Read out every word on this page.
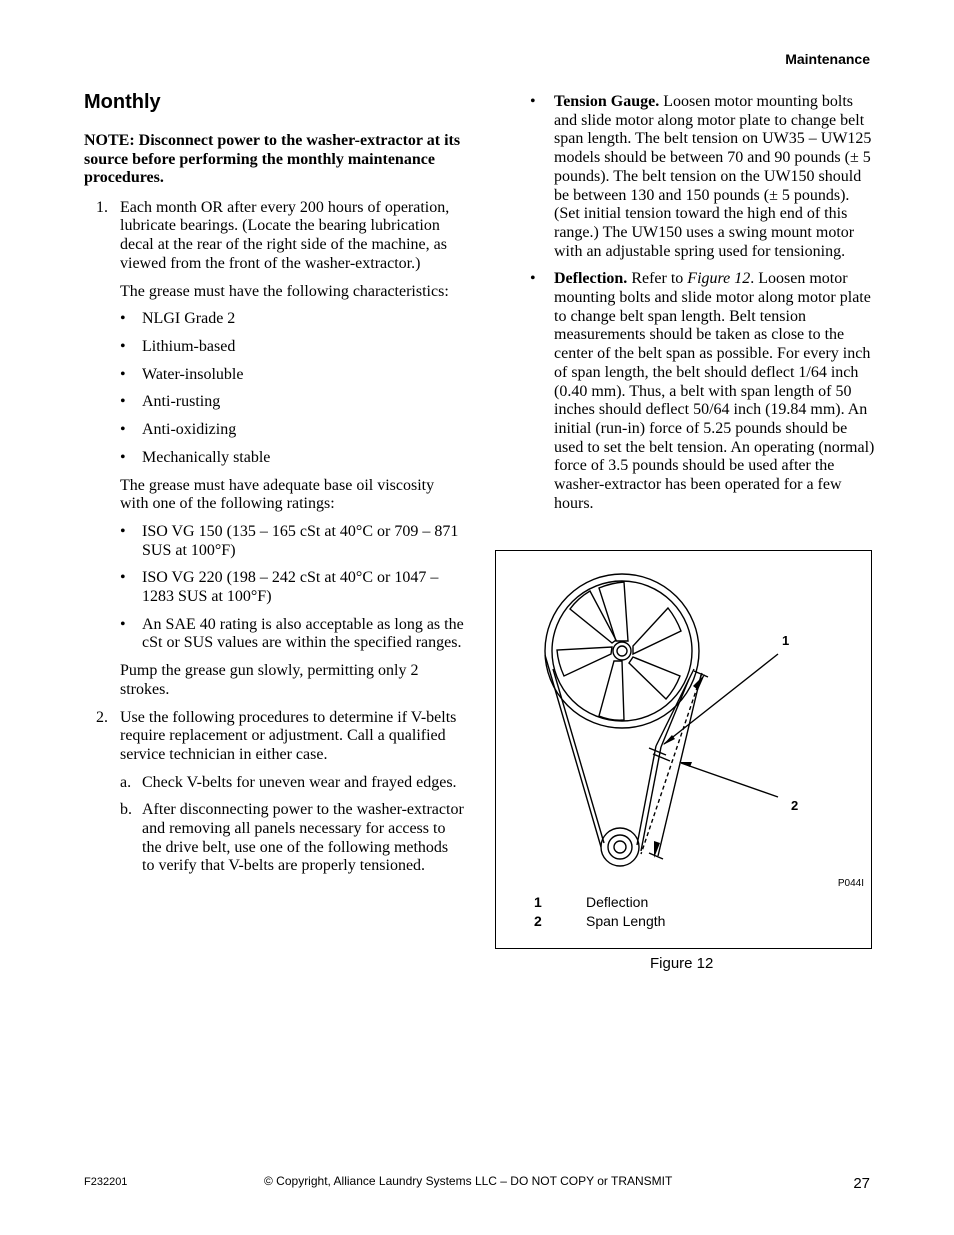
Maintenance
Monthly

NOTE: Disconnect power to the washer-extractor at its source before performing the monthly maintenance procedures.

1. Each month OR after every 200 hours of operation, lubricate bearings. (Locate the bearing lubrication decal at the rear of the right side of the machine, as viewed from the front of the washer-extractor.)

The grease must have the following characteristics:

• NLGI Grade 2
• Lithium-based
• Water-insoluble
• Anti-rusting
• Anti-oxidizing
• Mechanically stable

The grease must have adequate base oil viscosity with one of the following ratings:

• ISO VG 150 (135 – 165 cSt at 40°C or 709 – 871 SUS at 100°F)
• ISO VG 220 (198 – 242 cSt at 40°C or 1047 – 1283 SUS at 100°F)
• An SAE 40 rating is also acceptable as long as the cSt or SUS values are within the specified ranges.

Pump the grease gun slowly, permitting only 2 strokes.

2. Use the following procedures to determine if V-belts require replacement or adjustment. Call a qualified service technician in either case.
a. Check V-belts for uneven wear and frayed edges.
b. After disconnecting power to the washer-extractor and removing all panels necessary for access to the drive belt, use one of the following methods to verify that V-belts are properly tensioned.
• Tension Gauge. Loosen motor mounting bolts and slide motor along motor plate to change belt span length. The belt tension on UW35 – UW125 models should be between 70 and 90 pounds (± 5 pounds). The belt tension on the UW150 should be between 130 and 150 pounds (± 5 pounds). (Set initial tension toward the high end of this range.) The UW150 uses a swing mount motor with an adjustable spring used for tensioning.
• Deflection. Refer to Figure 12. Loosen motor mounting bolts and slide motor along motor plate to change belt span length. Belt tension measurements should be taken as close to the center of the belt span as possible. For every inch of span length, the belt should deflect 1/64 inch (0.40 mm). Thus, a belt with span length of 50 inches should deflect 50/64 inch (19.84 mm). An initial (run-in) force of 5.25 pounds should be used to set the belt tension. An operating (normal) force of 3.5 pounds should be used after the washer-extractor has been operated for a few hours.
1
2
P044I
1	Deflection
2	Span Length
Figure 12
F232201	© Copyright, Alliance Laundry Systems LLC – DO NOT COPY or TRANSMIT	27
